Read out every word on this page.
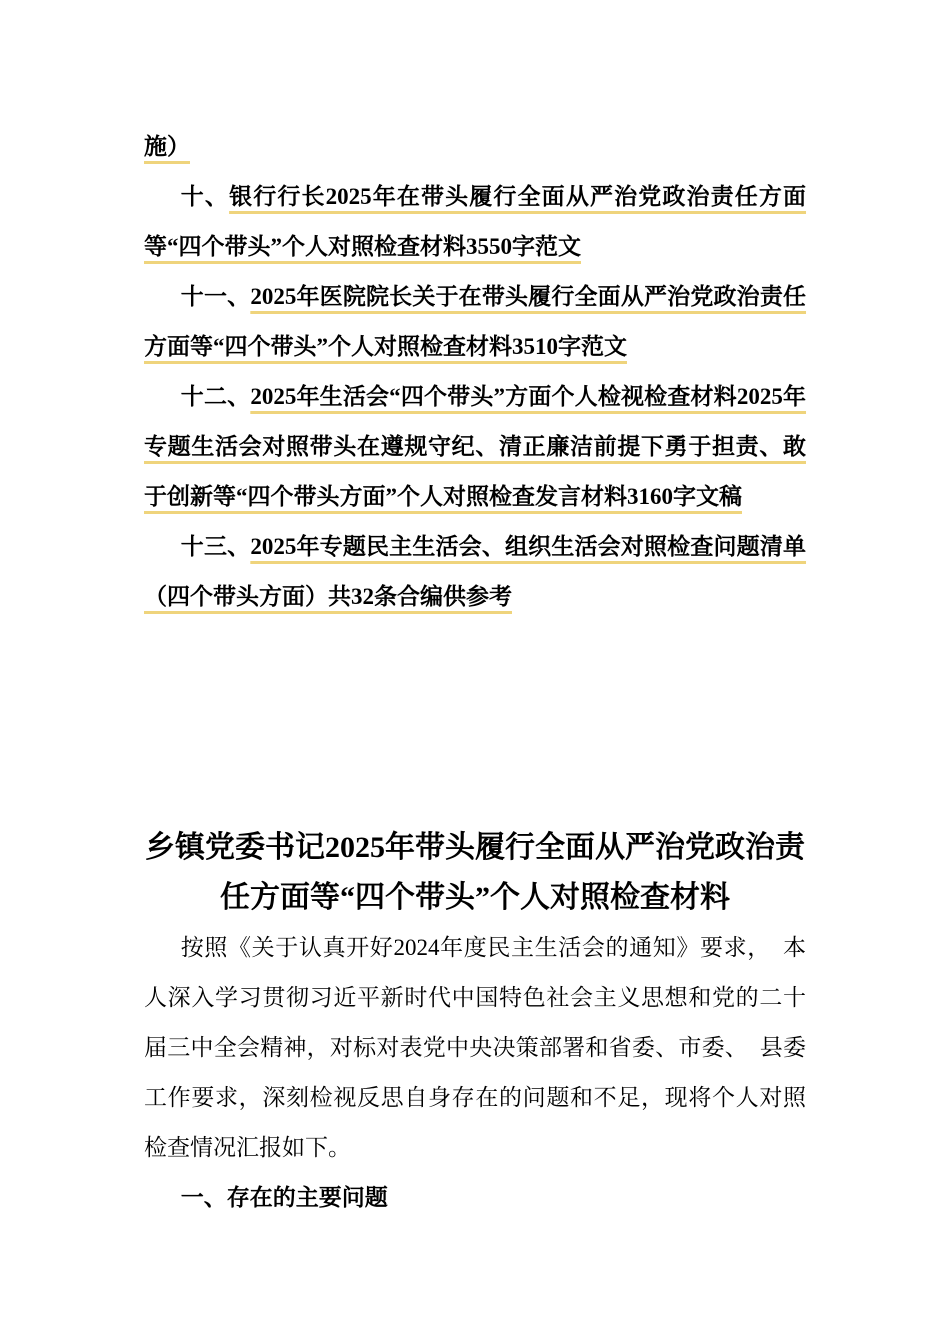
施）

十、银行行长2025年在带头履行全面从严治党政治责任方面等“四个带头”个人对照检查材料3550字范文

十一、2025年医院院长关于在带头履行全面从严治党政治责任方面等“四个带头”个人对照检查材料3510字范文

十二、2025年生活会“四个带头”方面个人检视检查材料2025年专题生活会对照带头在遵规守纪、清正廉洁前提下勇于担责、敢于创新等“四个带头方面”个人对照检查发言材料3160字文稿

十三、2025年专题民主生活会、组织生活会对照检查问题清单（四个带头方面）共32条合编供参考

乡镇党委书记2025年带头履行全面从严治党政治责任方面等“四个带头”个人对照检查材料

按照《关于认真开好2024年度民主生活会的通知》要求，　本人深入学习贯彻习近平新时代中国特色社会主义思想和党的二十届三中全会精神，对标对表党中央决策部署和省委、市委、　县委工作要求，深刻检视反思自身存在的问题和不足，现将个人对照检查情况汇报如下。

一、存在的主要问题
